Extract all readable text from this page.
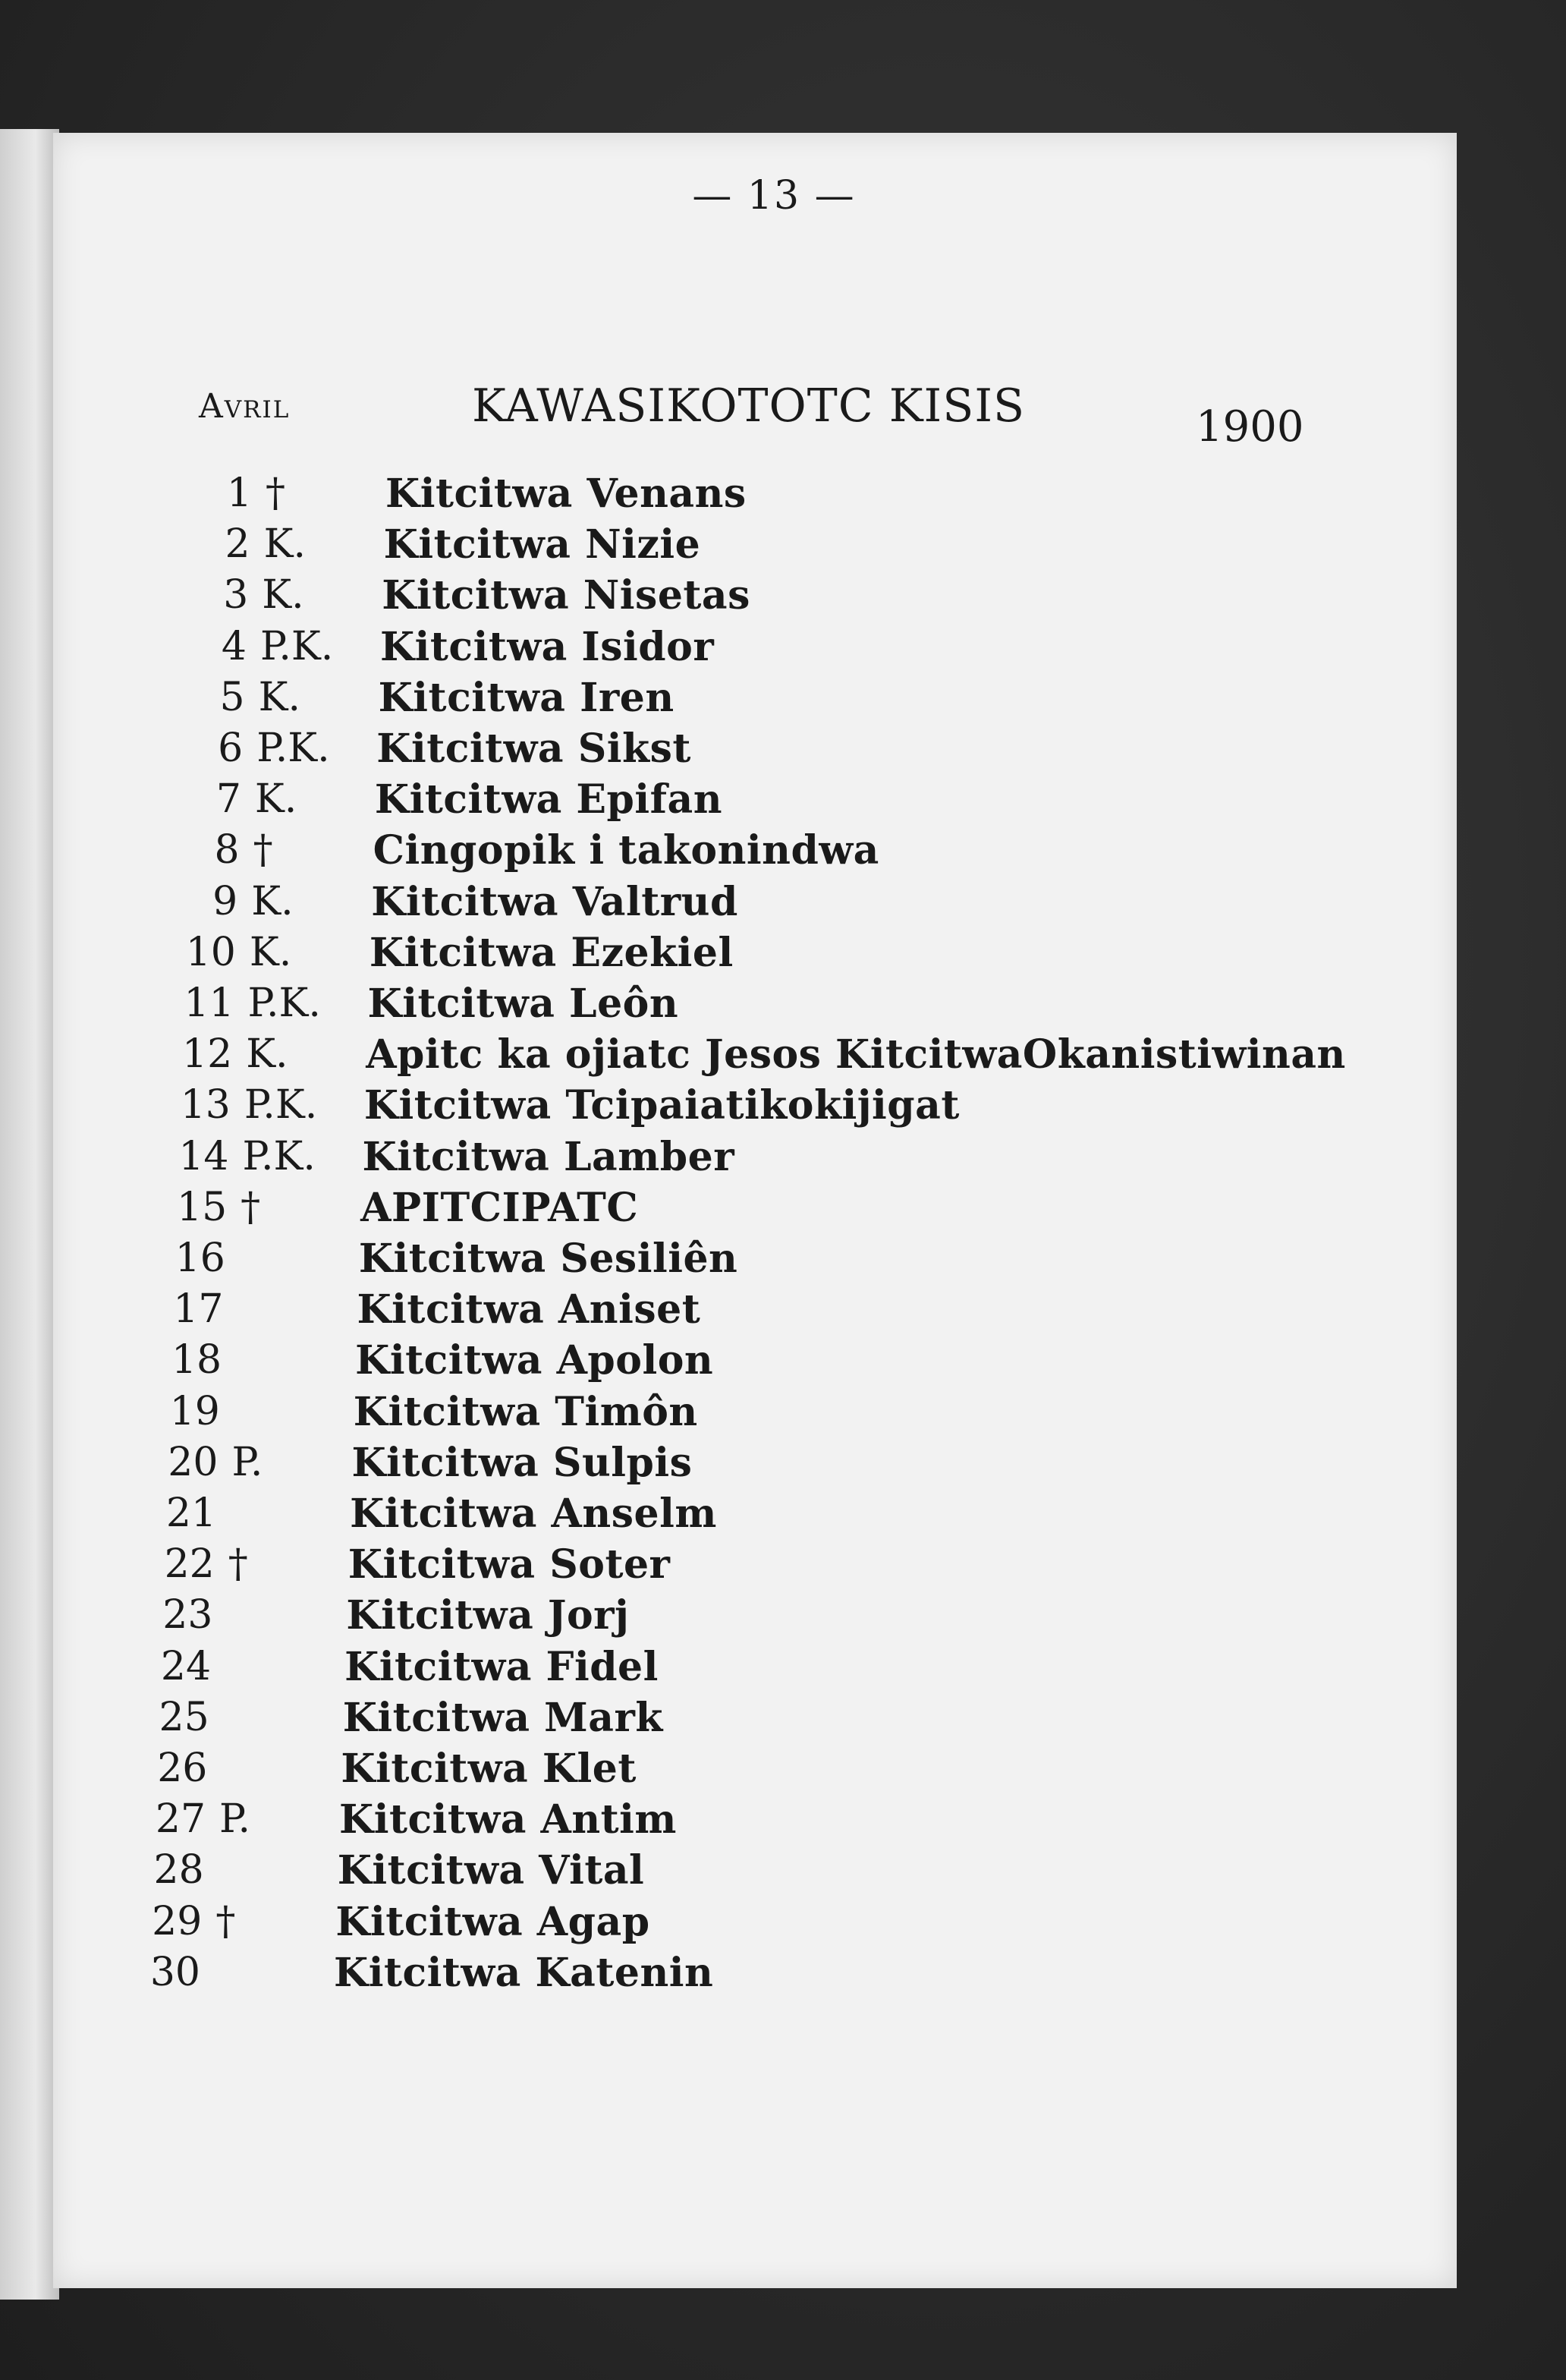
— 13 —
Avril	KAWASIKOTOTC KISIS	1900
1 †	Kitcitwa Venans
2 K. Kitcitwa Nizie
3 K. Kitcitwa Nisetas
4 P.K. Kitcitwa Isidor
5 K. Kitcitwa Iren
6 P.K. Kitcitwa Sikst
7 K. Kitcitwa Epifan
8 †	Cingopik i takonindwa
9 K. Kitcitwa Valtrud
10 K. Kitcitwa Ezekiel
11 P.K. Kitcitwa Leôn
12 K. Apitc ka ojiatc Jesos KitcitwaOkanistiwinan
13 P.K. Kitcitwa Tcipaiatikokijigat
14 P.K. Kitcitwa Lamber
15 †	APITCIPATC
16	Kitcitwa Sesiliên
17	Kitcitwa Aniset
18	Kitcitwa Apolon
19	Kitcitwa Timôn
20 P. Kitcitwa Sulpis
21	Kitcitwa Anselm
22 †	Kitcitwa Soter
23	Kitcitwa Jorj
24	Kitcitwa Fidel
25	Kitcitwa Mark
26	Kitcitwa Klet
27 P. Kitcitwa Antim
28	Kitcitwa Vital
29 †	Kitcitwa Agap
30	Kitcitwa Katenin
